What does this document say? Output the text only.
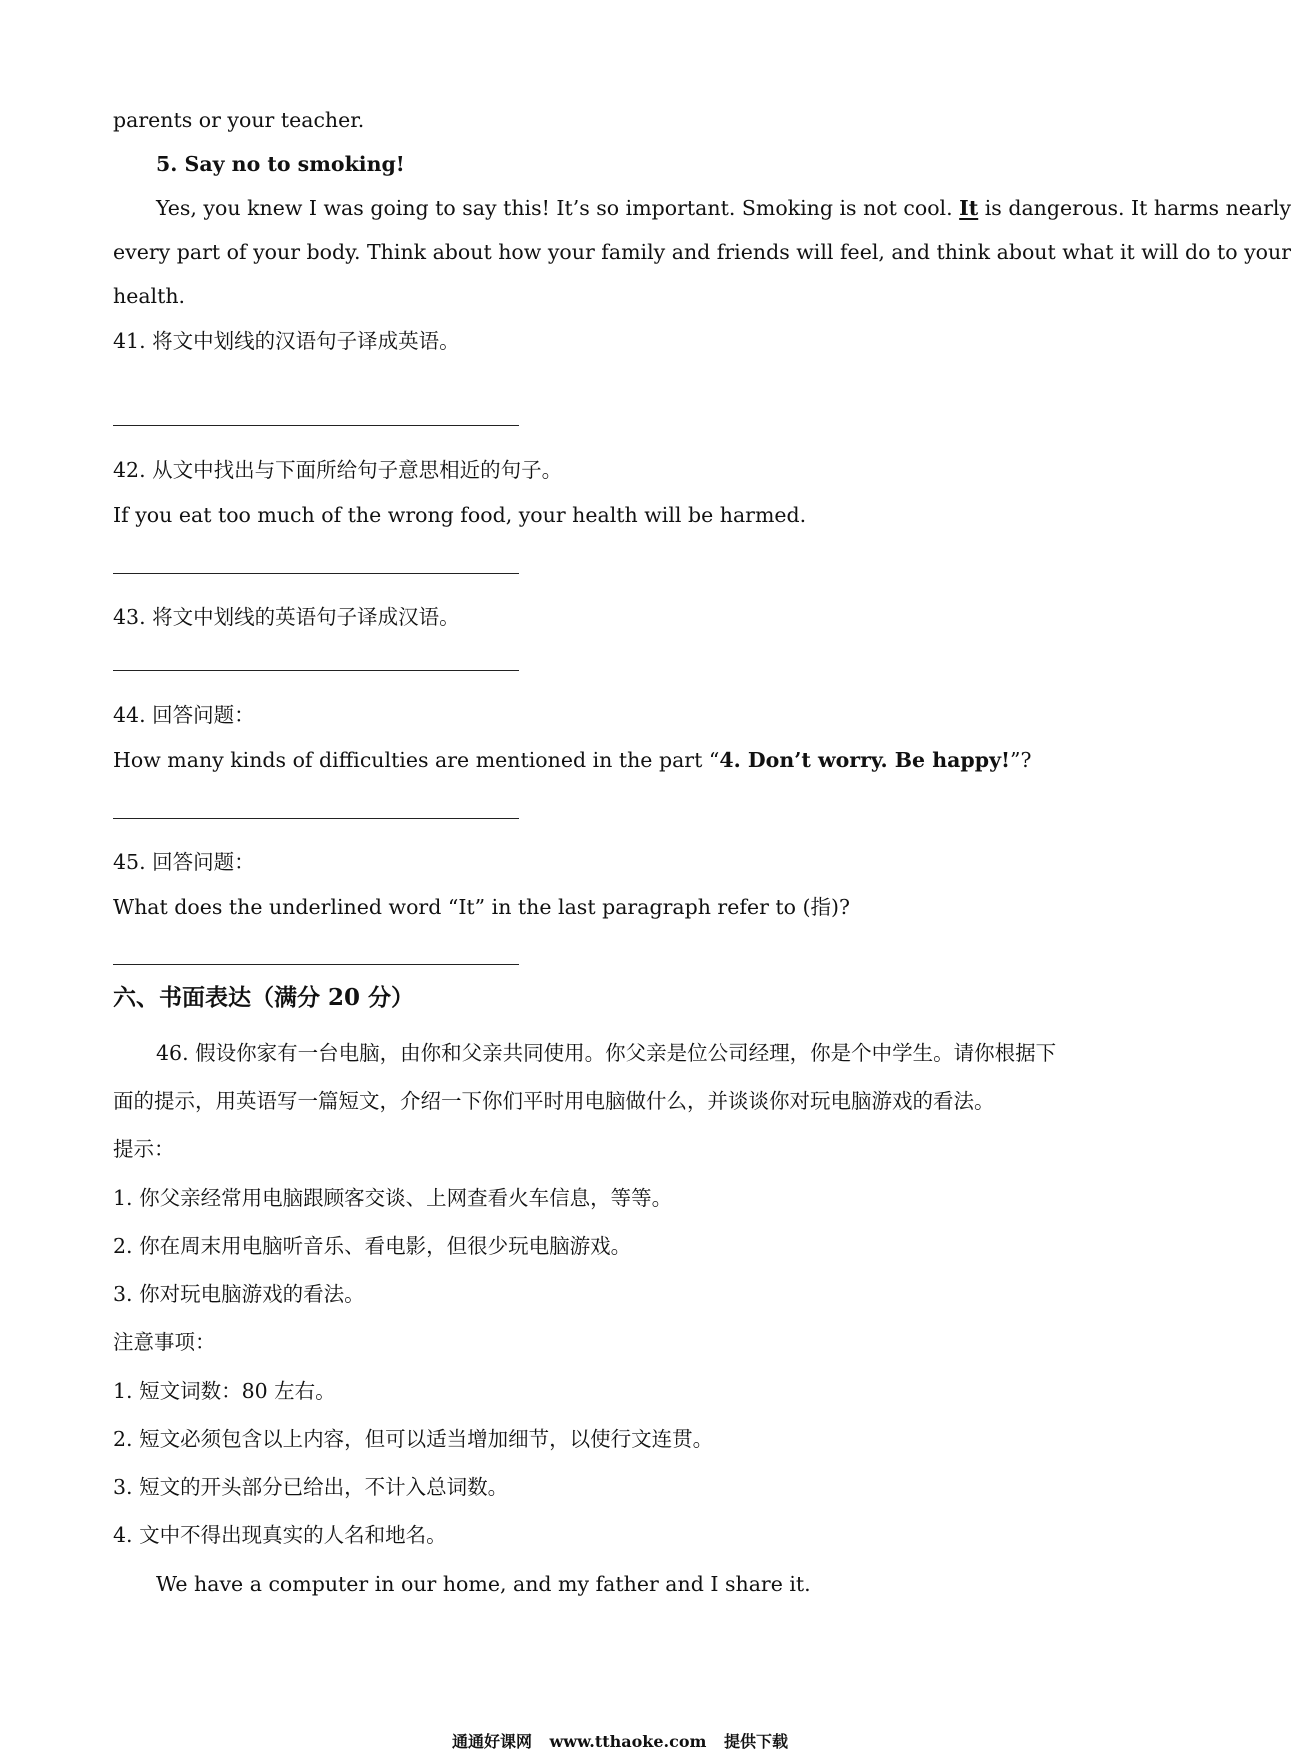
parents or your teacher.
5. Say no to smoking!
Yes, you knew I was going to say this! It’s so important. Smoking is not cool. It is dangerous. It harms nearly
every part of your body. Think about how your family and friends will feel, and think about what it will do to your
health.
41. 将文中划线的汉语句子译成英语。
42. 从文中找出与下面所给句子意思相近的句子。
If you eat too much of the wrong food, your health will be harmed.
43. 将文中划线的英语句子译成汉语。
44. 回答问题：
How many kinds of difficulties are mentioned in the part “4. Don’t worry. Be happy!”?
45. 回答问题：
What does the underlined word “It” in the last paragraph refer to (指)?
六、书面表达（满分 20 分）
46. 假设你家有一台电脑，由你和父亲共同使用。你父亲是位公司经理，你是个中学生。请你根据下
面的提示，用英语写一篇短文，介绍一下你们平时用电脑做什么，并谈谈你对玩电脑游戏的看法。
提示：
1. 你父亲经常用电脑跟顾客交谈、上网查看火车信息，等等。
2. 你在周末用电脑听音乐、看电影，但很少玩电脑游戏。
3. 你对玩电脑游戏的看法。
注意事项：
1. 短文词数：80 左右。
2. 短文必须包含以上内容，但可以适当增加细节，以使行文连贯。
3. 短文的开头部分已给出，不计入总词数。
4. 文中不得出现真实的人名和地名。
We have a computer in our home, and my father and I share it.
通通好课网 www.tthaoke.com 提供下载
